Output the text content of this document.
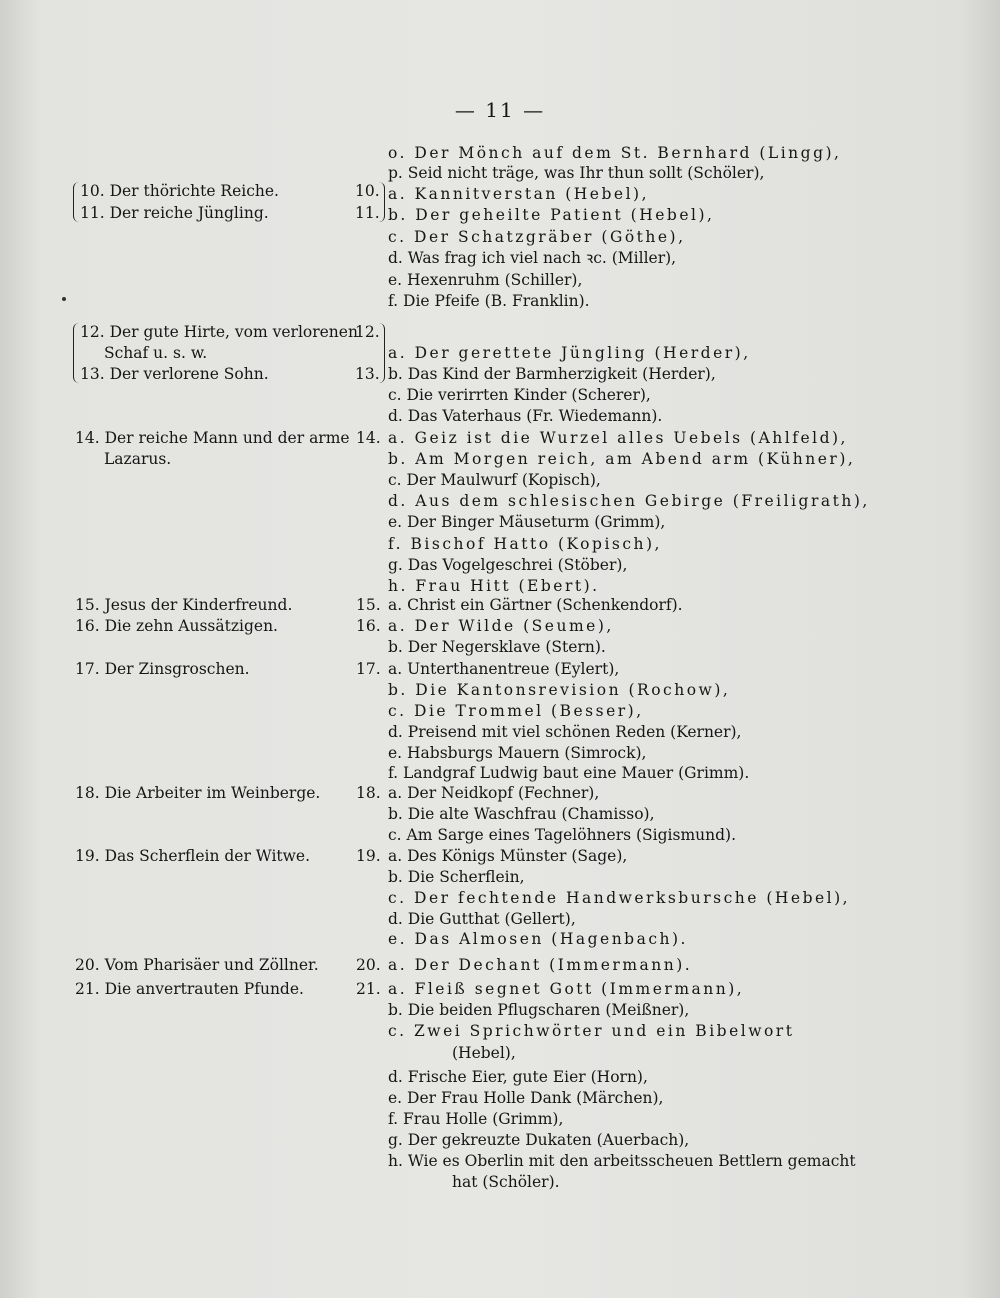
— 11 —
10. Der thörichte Reiche.
11. Der reiche Jüngling.
12. Der gute Hirte, vom verlorenen
Schaf u. s. w.
13. Der verlorene Sohn.
14. Der reiche Mann und der arme
Lazarus.
15. Jesus der Kinderfreund.
16. Die zehn Aussätzigen.
17. Der Zinsgroschen.
18. Die Arbeiter im Weinberge.
19. Das Scherflein der Witwe.
20. Vom Pharisäer und Zöllner.
21. Die anvertrauten Pfunde.
10.
11.
12.
13.
14.
15.
16.
17.
18.
19.
20.
21.
o. Der Mönch auf dem St. Bernhard (Lingg),
p. Seid nicht träge, was Ihr thun sollt (Schöler),
a. Kannitverstan (Hebel),
b. Der geheilte Patient (Hebel),
c. Der Schatzgräber (Göthe),
d. Was frag ich viel nach ꝛc. (Miller),
e. Hexenruhm (Schiller),
f. Die Pfeife (B. Franklin).
a. Der gerettete Jüngling (Herder),
b. Das Kind der Barmherzigkeit (Herder),
c. Die verirrten Kinder (Scherer),
d. Das Vaterhaus (Fr. Wiedemann).
a. Geiz ist die Wurzel alles Uebels (Ahlfeld),
b. Am Morgen reich, am Abend arm (Kühner),
c. Der Maulwurf (Kopisch),
d. Aus dem schlesischen Gebirge (Freiligrath),
e. Der Binger Mäuseturm (Grimm),
f. Bischof Hatto (Kopisch),
g. Das Vogelgeschrei (Stöber),
h. Frau Hitt (Ebert).
a. Christ ein Gärtner (Schenkendorf).
a. Der Wilde (Seume),
b. Der Negersklave (Stern).
a. Unterthanentreue (Eylert),
b. Die Kantonsrevision (Rochow),
c. Die Trommel (Besser),
d. Preisend mit viel schönen Reden (Kerner),
e. Habsburgs Mauern (Simrock),
f. Landgraf Ludwig baut eine Mauer (Grimm).
a. Der Neidkopf (Fechner),
b. Die alte Waschfrau (Chamisso),
c. Am Sarge eines Tagelöhners (Sigismund).
a. Des Königs Münster (Sage),
b. Die Scherflein,
c. Der fechtende Handwerksbursche (Hebel),
d. Die Gutthat (Gellert),
e. Das Almosen (Hagenbach).
a. Der Dechant (Immermann).
a. Fleiß segnet Gott (Immermann),
b. Die beiden Pflugscharen (Meißner),
c. Zwei Sprichwörter und ein Bibelwort
(Hebel),
d. Frische Eier, gute Eier (Horn),
e. Der Frau Holle Dank (Märchen),
f. Frau Holle (Grimm),
g. Der gekreuzte Dukaten (Auerbach),
h. Wie es Oberlin mit den arbeitsscheuen Bettlern gemacht
hat (Schöler).
